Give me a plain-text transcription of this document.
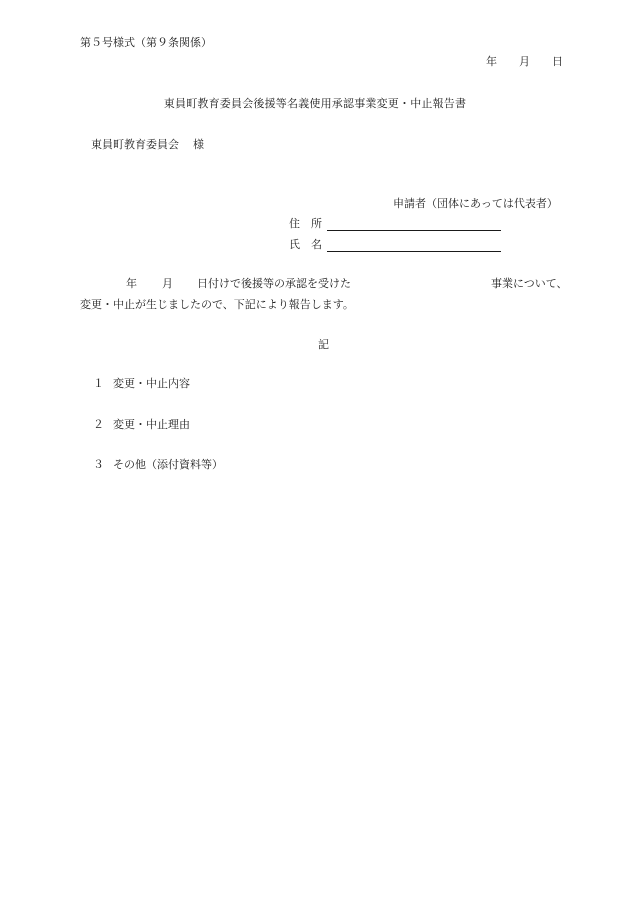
第５号様式（第９条関係）
年 月 日
東員町教育委員会後援等名義使用承認事業変更・中止報告書
東員町教育委員会 様
申請者（団体にあっては代表者）
住　所
氏　名
年 月 日付けで後援等の承認を受けた	事業について、
変更・中止が生じましたので、下記により報告します。
記
１ 変更・中止内容
２ 変更・中止理由
３ その他（添付資料等）
